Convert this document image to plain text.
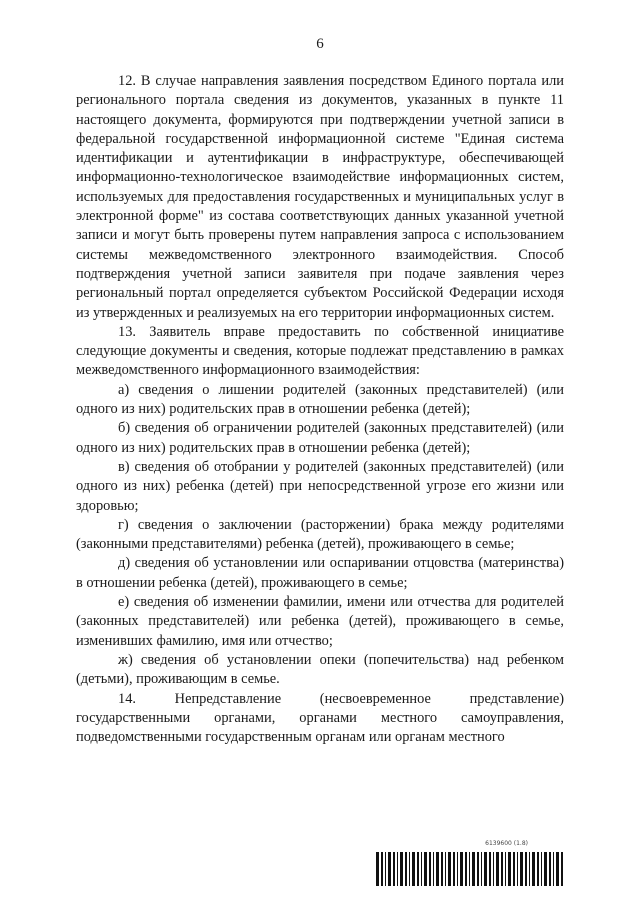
6

12. В случае направления заявления посредством Единого портала или регионального портала сведения из документов, указанных в пункте 11 настоящего документа, формируются при подтверждении учетной записи в федеральной государственной информационной системе "Единая система идентификации и аутентификации в инфраструктуре, обеспечивающей информационно-технологическое взаимодействие информационных систем, используемых для предоставления государственных и муниципальных услуг в электронной форме" из состава соответствующих данных указанной учетной записи и могут быть проверены путем направления запроса с использованием системы межведомственного электронного взаимодействия. Способ подтверждения учетной записи заявителя при подаче заявления через региональный портал определяется субъектом Российской Федерации исходя из утвержденных и реализуемых на его территории информационных систем.

13. Заявитель вправе предоставить по собственной инициативе следующие документы и сведения, которые подлежат представлению в рамках межведомственного информационного взаимодействия:

а) сведения о лишении родителей (законных представителей) (или одного из них) родительских прав в отношении ребенка (детей);

б) сведения об ограничении родителей (законных представителей) (или одного из них) родительских прав в отношении ребенка (детей);

в) сведения об отобрании у родителей (законных представителей) (или одного из них) ребенка (детей) при непосредственной угрозе его жизни или здоровью;

г) сведения о заключении (расторжении) брака между родителями (законными представителями) ребенка (детей), проживающего в семье;

д) сведения об установлении или оспаривании отцовства (материнства) в отношении ребенка (детей), проживающего в семье;

е) сведения об изменении фамилии, имени или отчества для родителей (законных представителей) или ребенка (детей), проживающего в семье, изменивших фамилию, имя или отчество;

ж) сведения об установлении опеки (попечительства) над ребенком (детьми), проживающим в семье.

14. Непредставление (несвоевременное представление) государственными органами, органами местного самоуправления, подведомственными государственным органам или органам местного

6139600 (1.8)
